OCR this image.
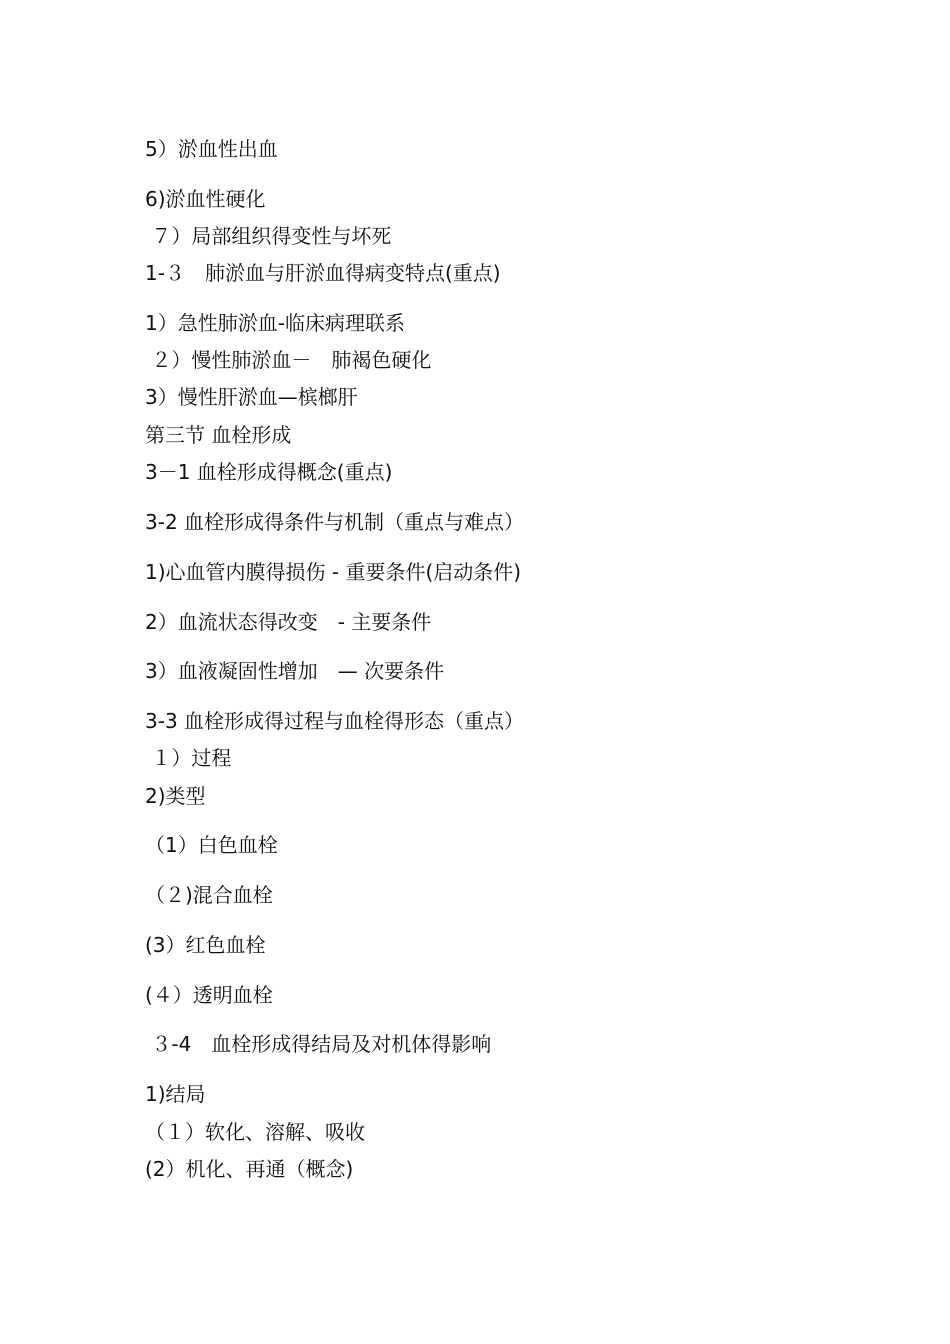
5）淤血性出血
6)淤血性硬化
７）局部组织得变性与坏死
1-３　肺淤血与肝淤血得病变特点(重点)
1）急性肺淤血-临床病理联系
２）慢性肺淤血－　肺褐色硬化
3）慢性肝淤血—槟榔肝
第三节 血栓形成
3－1 血栓形成得概念(重点)
3-2 血栓形成得条件与机制（重点与难点）
1)心血管内膜得损伤 - 重要条件(启动条件)
2）血流状态得改变　- 主要条件
3）血液凝固性增加　— 次要条件
3-3 血栓形成得过程与血栓得形态（重点）
１）过程
2)类型
（1）白色血栓
（２)混合血栓
(3）红色血栓
(４）透明血栓
３-4　血栓形成得结局及对机体得影响
1)结局
（１）软化、溶解、吸收
(2）机化、再通（概念)
